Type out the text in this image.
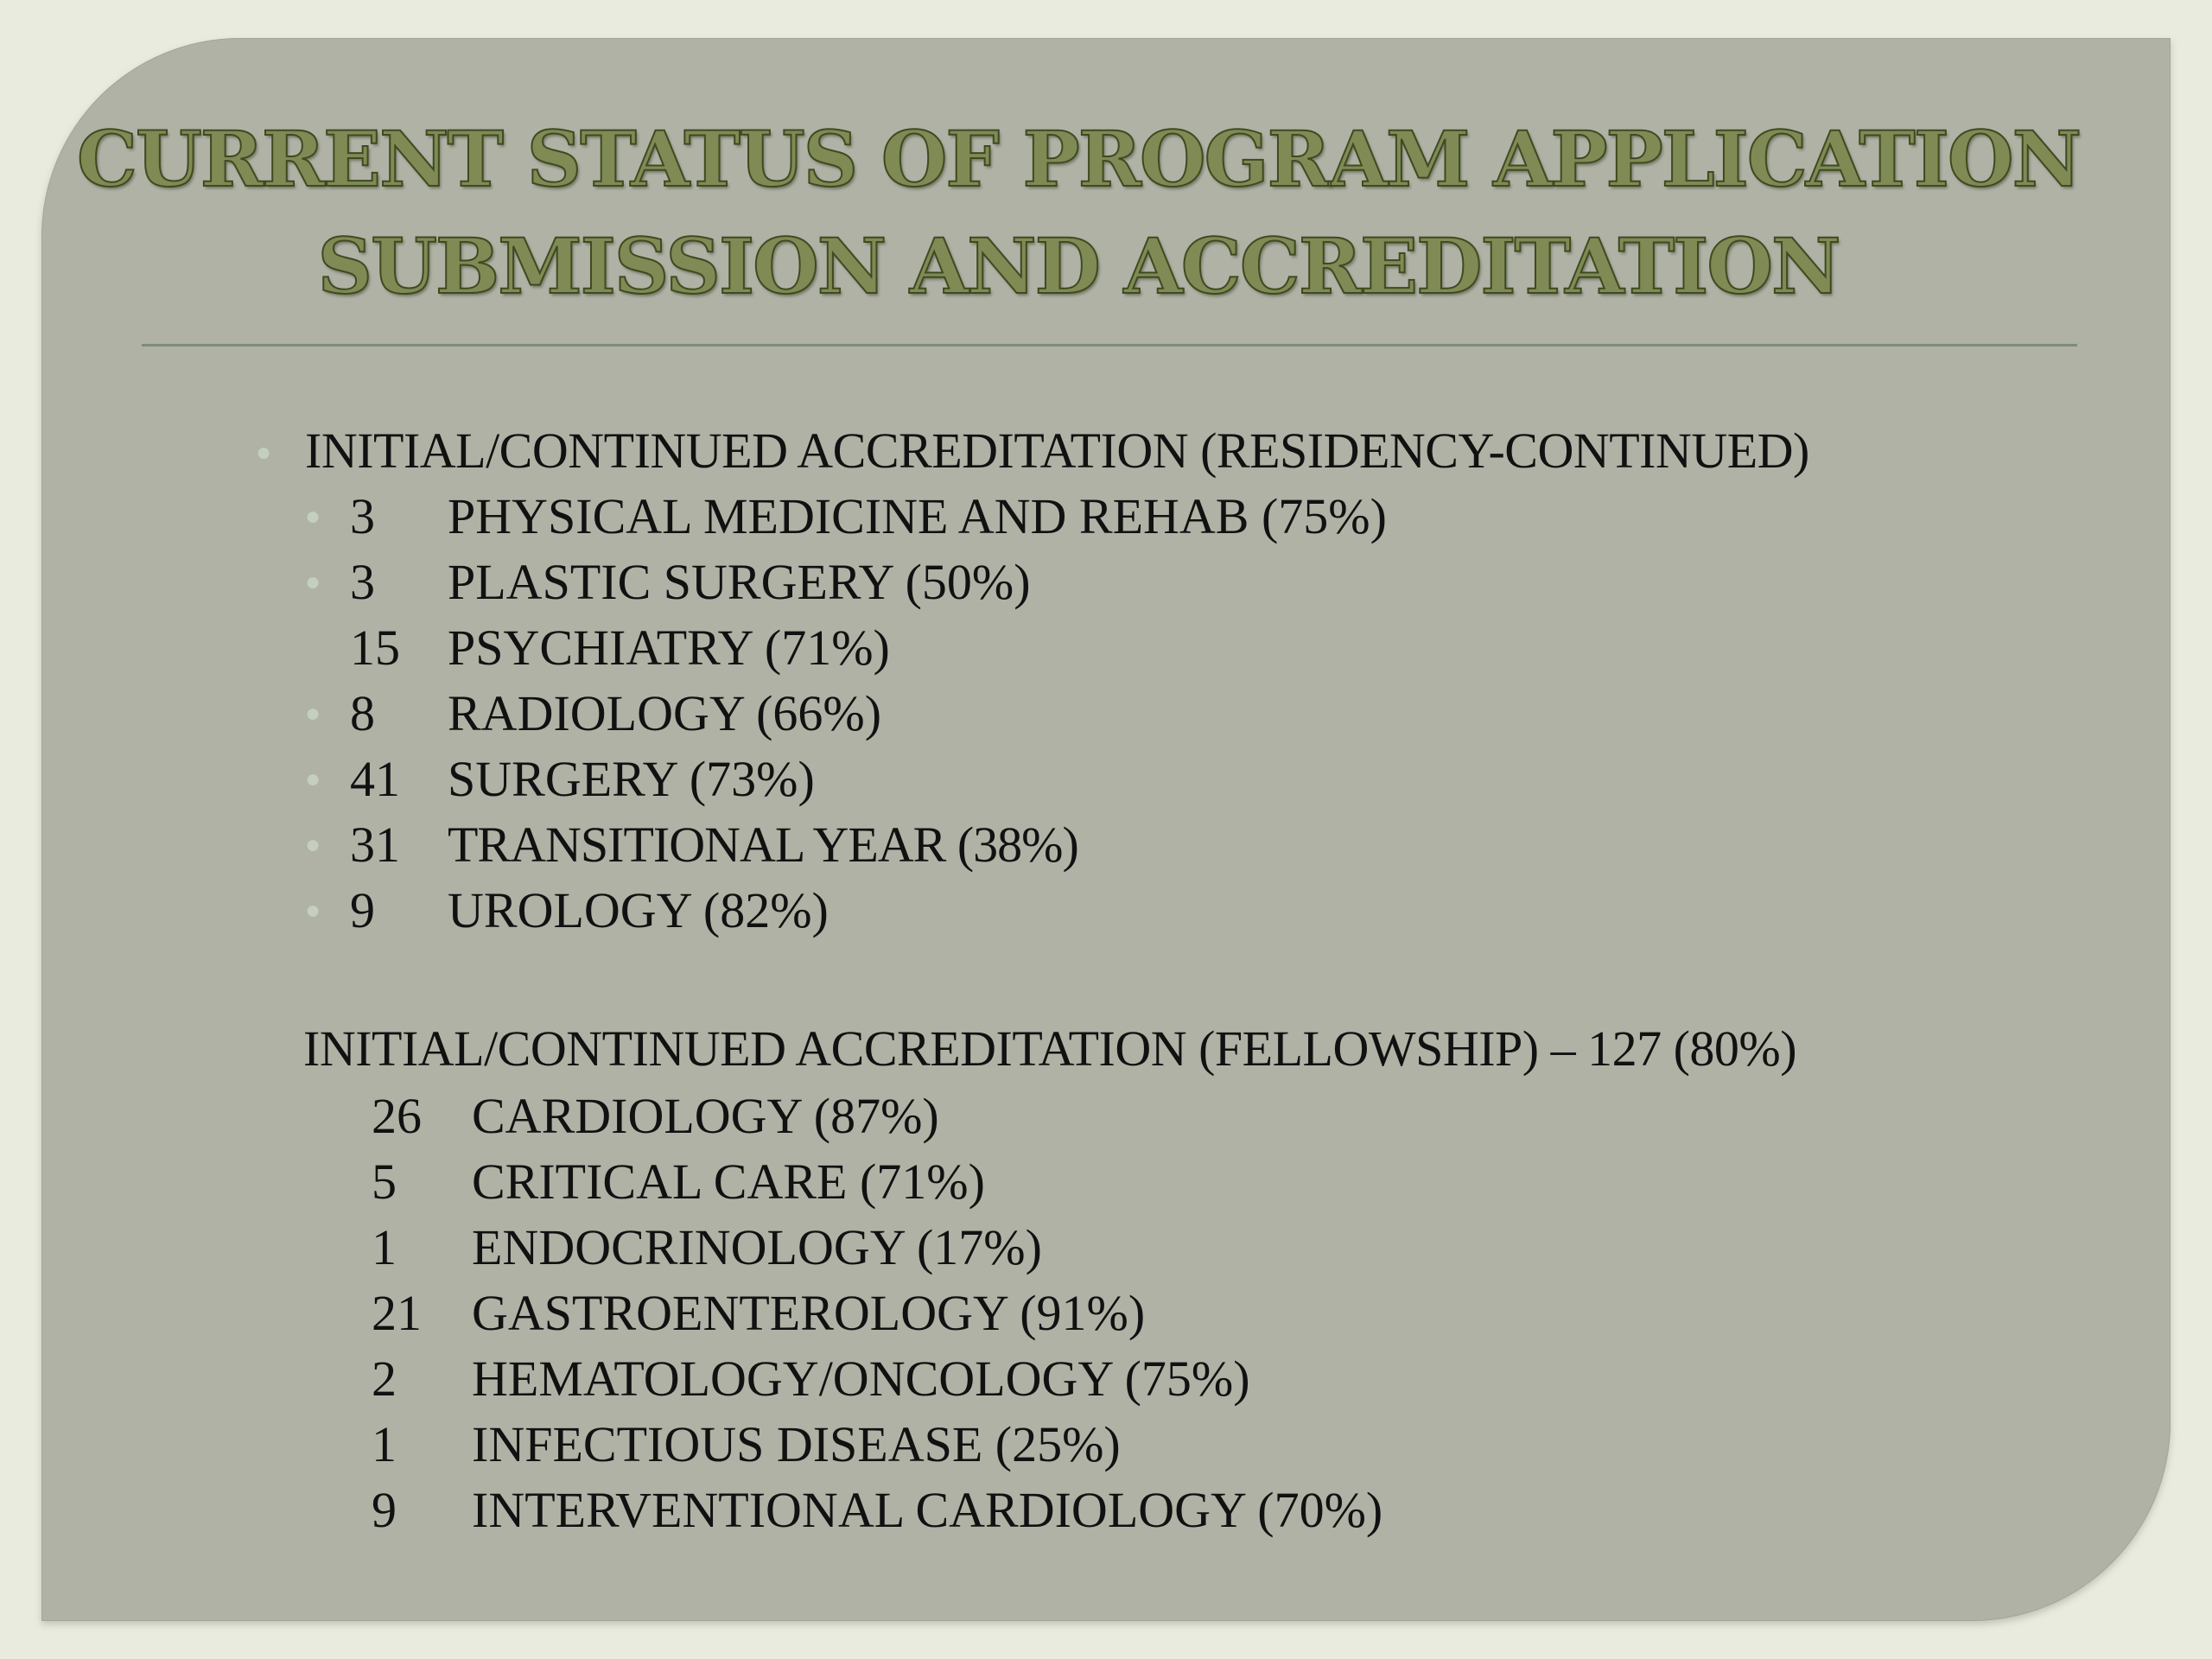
CURRENT STATUS OF PROGRAM APPLICATION
SUBMISSION AND ACCREDITATION
● INITIAL/CONTINUED ACCREDITATION (RESIDENCY-CONTINUED)
● 3 PHYSICAL MEDICINE AND REHAB (75%)
● 3 PLASTIC SURGERY (50%)
15 PSYCHIATRY (71%)
● 8 RADIOLOGY (66%)
● 41 SURGERY (73%)
● 31 TRANSITIONAL YEAR (38%)
● 9 UROLOGY (82%)
INITIAL/CONTINUED ACCREDITATION (FELLOWSHIP) – 127 (80%)
26 CARDIOLOGY (87%)
5 CRITICAL CARE (71%)
1 ENDOCRINOLOGY (17%)
21 GASTROENTEROLOGY (91%)
2 HEMATOLOGY/ONCOLOGY (75%)
1 INFECTIOUS DISEASE (25%)
9 INTERVENTIONAL CARDIOLOGY (70%)
